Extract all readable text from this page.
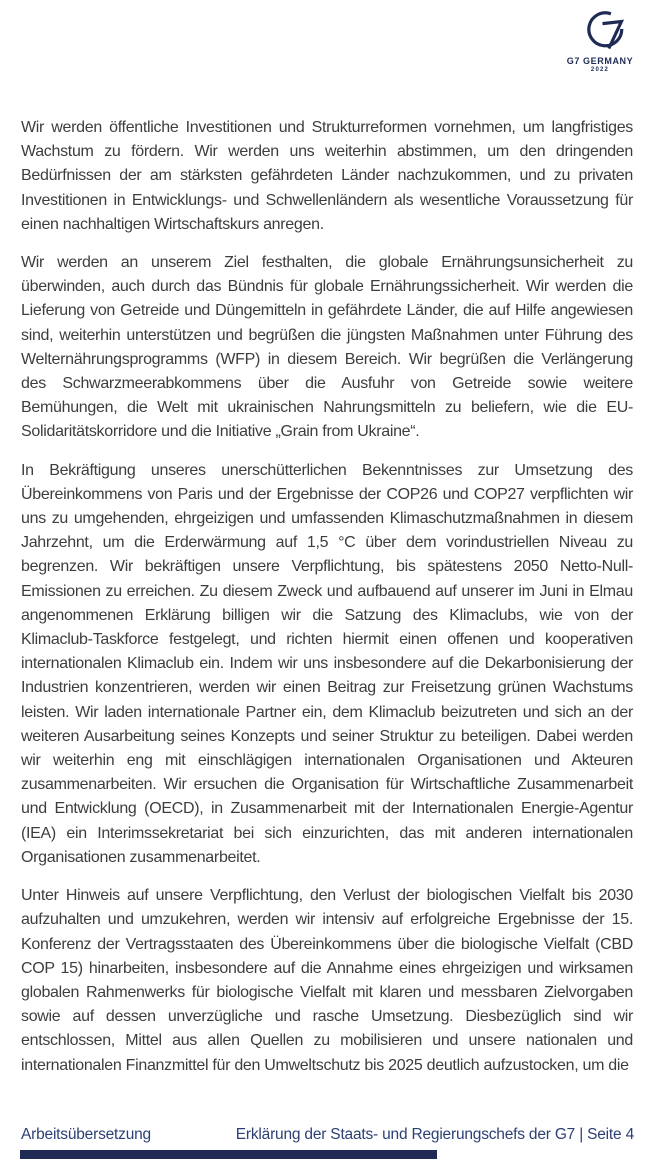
G7 GERMANY
2022

Wir werden öffentliche Investitionen und Strukturreformen vornehmen, um langfristiges Wachstum zu fördern. Wir werden uns weiterhin abstimmen, um den dringenden Bedürfnissen der am stärksten gefährdeten Länder nachzukommen, und zu privaten Investitionen in Entwicklungs- und Schwellenländern als wesentliche Voraussetzung für einen nachhaltigen Wirtschaftskurs anregen.

Wir werden an unserem Ziel festhalten, die globale Ernährungsunsicherheit zu überwinden, auch durch das Bündnis für globale Ernährungssicherheit. Wir werden die Lieferung von Getreide und Düngemitteln in gefährdete Länder, die auf Hilfe angewiesen sind, weiterhin unterstützen und begrüßen die jüngsten Maßnahmen unter Führung des Welternährungsprogramms (WFP) in diesem Bereich. Wir begrüßen die Verlängerung des Schwarzmeerabkommens über die Ausfuhr von Getreide sowie weitere Bemühungen, die Welt mit ukrainischen Nahrungsmitteln zu beliefern, wie die EU-Solidaritätskorridore und die Initiative „Grain from Ukraine“.

In Bekräftigung unseres unerschütterlichen Bekenntnisses zur Umsetzung des Übereinkommens von Paris und der Ergebnisse der COP26 und COP27 verpflichten wir uns zu umgehenden, ehrgeizigen und umfassenden Klimaschutzmaßnahmen in diesem Jahrzehnt, um die Erderwärmung auf 1,5 °C über dem vorindustriellen Niveau zu begrenzen. Wir bekräftigen unsere Verpflichtung, bis spätestens 2050 Netto-Null-Emissionen zu erreichen. Zu diesem Zweck und aufbauend auf unserer im Juni in Elmau angenommenen Erklärung billigen wir die Satzung des Klimaclubs, wie von der Klimaclub-Taskforce festgelegt, und richten hiermit einen offenen und kooperativen internationalen Klimaclub ein. Indem wir uns insbesondere auf die Dekarbonisierung der Industrien konzentrieren, werden wir einen Beitrag zur Freisetzung grünen Wachstums leisten. Wir laden internationale Partner ein, dem Klimaclub beizutreten und sich an der weiteren Ausarbeitung seines Konzepts und seiner Struktur zu beteiligen. Dabei werden wir weiterhin eng mit einschlägigen internationalen Organisationen und Akteuren zusammenarbeiten. Wir ersuchen die Organisation für Wirtschaftliche Zusammenarbeit und Entwicklung (OECD), in Zusammenarbeit mit der Internationalen Energie-Agentur (IEA) ein Interimssekretariat bei sich einzurichten, das mit anderen internationalen Organisationen zusammenarbeitet.

Unter Hinweis auf unsere Verpflichtung, den Verlust der biologischen Vielfalt bis 2030 aufzuhalten und umzukehren, werden wir intensiv auf erfolgreiche Ergebnisse der 15. Konferenz der Vertragsstaaten des Übereinkommens über die biologische Vielfalt (CBD COP 15) hinarbeiten, insbesondere auf die Annahme eines ehrgeizigen und wirksamen globalen Rahmenwerks für biologische Vielfalt mit klaren und messbaren Zielvorgaben sowie auf dessen unverzügliche und rasche Umsetzung. Diesbezüglich sind wir entschlossen, Mittel aus allen Quellen zu mobilisieren und unsere nationalen und internationalen Finanzmittel für den Umweltschutz bis 2025 deutlich aufzustocken, um die

Arbeitsübersetzung	Erklärung der Staats- und Regierungschefs der G7 | Seite 4
